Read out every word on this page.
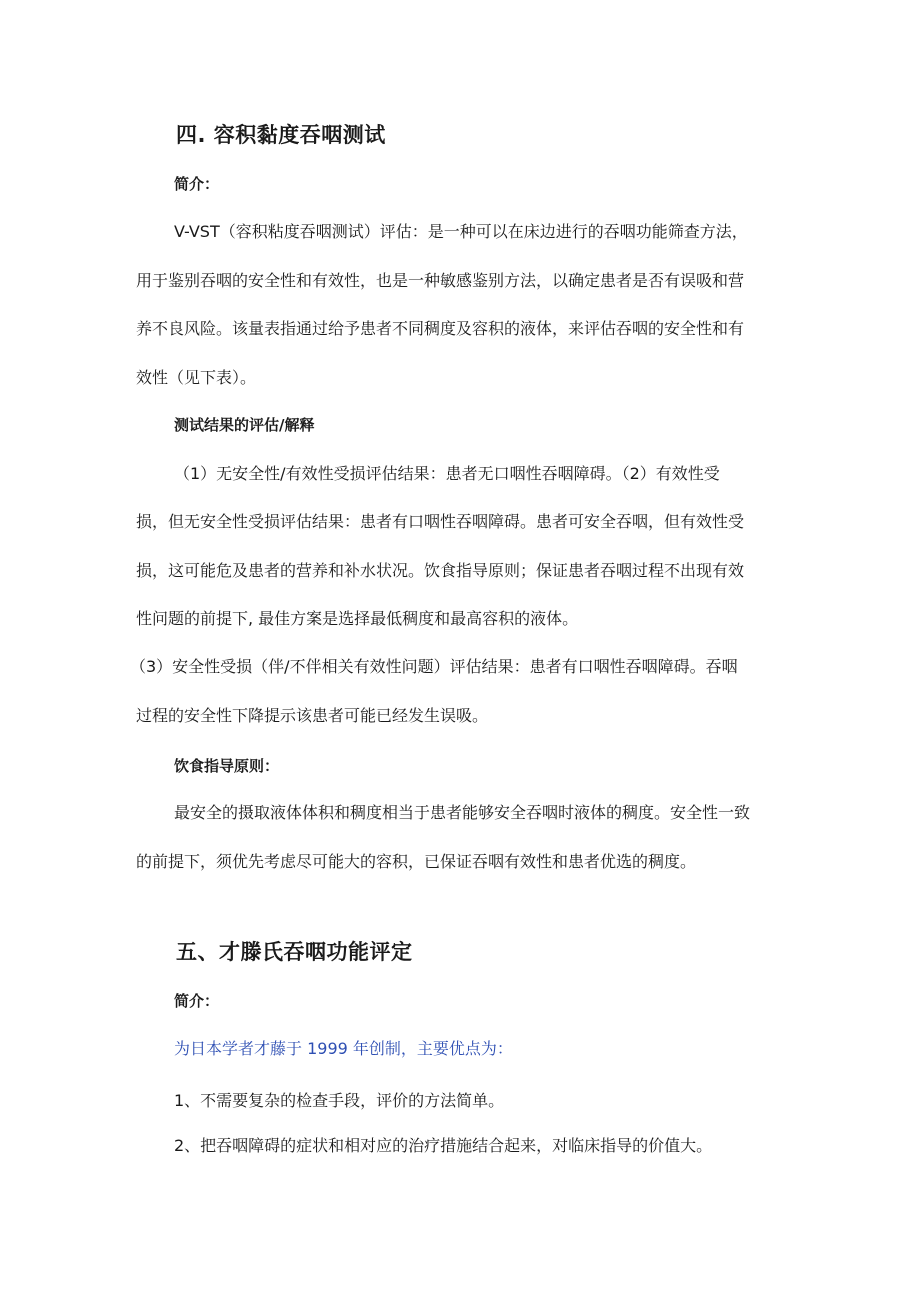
四. 容积黏度吞咽测试
简介：
V-VST（容积粘度吞咽测试）评估：是一种可以在床边进行的吞咽功能筛查方法，
用于鉴别吞咽的安全性和有效性，也是一种敏感鉴别方法，以确定患者是否有误吸和营
养不良风险。该量表指通过给予患者不同稠度及容积的液体，来评估吞咽的安全性和有
效性（见下表）。
测试结果的评估/解释
（1）无安全性/有效性受损评估结果：患者无口咽性吞咽障碍。（2）有效性受
损，但无安全性受损评估结果：患者有口咽性吞咽障碍。患者可安全吞咽，但有效性受
损，这可能危及患者的营养和补水状况。饮食指导原则；保证患者吞咽过程不出现有效
性问题的前提下, 最佳方案是选择最低稠度和最高容积的液体。
（3）安全性受损（伴/不伴相关有效性问题）评估结果：患者有口咽性吞咽障碍。吞咽
过程的安全性下降提示该患者可能已经发生误吸。
饮食指导原则：
最安全的摄取液体体积和稠度相当于患者能够安全吞咽时液体的稠度。安全性一致
的前提下，须优先考虑尽可能大的容积，已保证吞咽有效性和患者优选的稠度。
五、才滕氏吞咽功能评定
简介：
为日本学者才藤于 1999 年创制，主要优点为：
1、不需要复杂的检查手段，评价的方法简单。
2、把吞咽障碍的症状和相对应的治疗措施结合起来，对临床指导的价值大。
